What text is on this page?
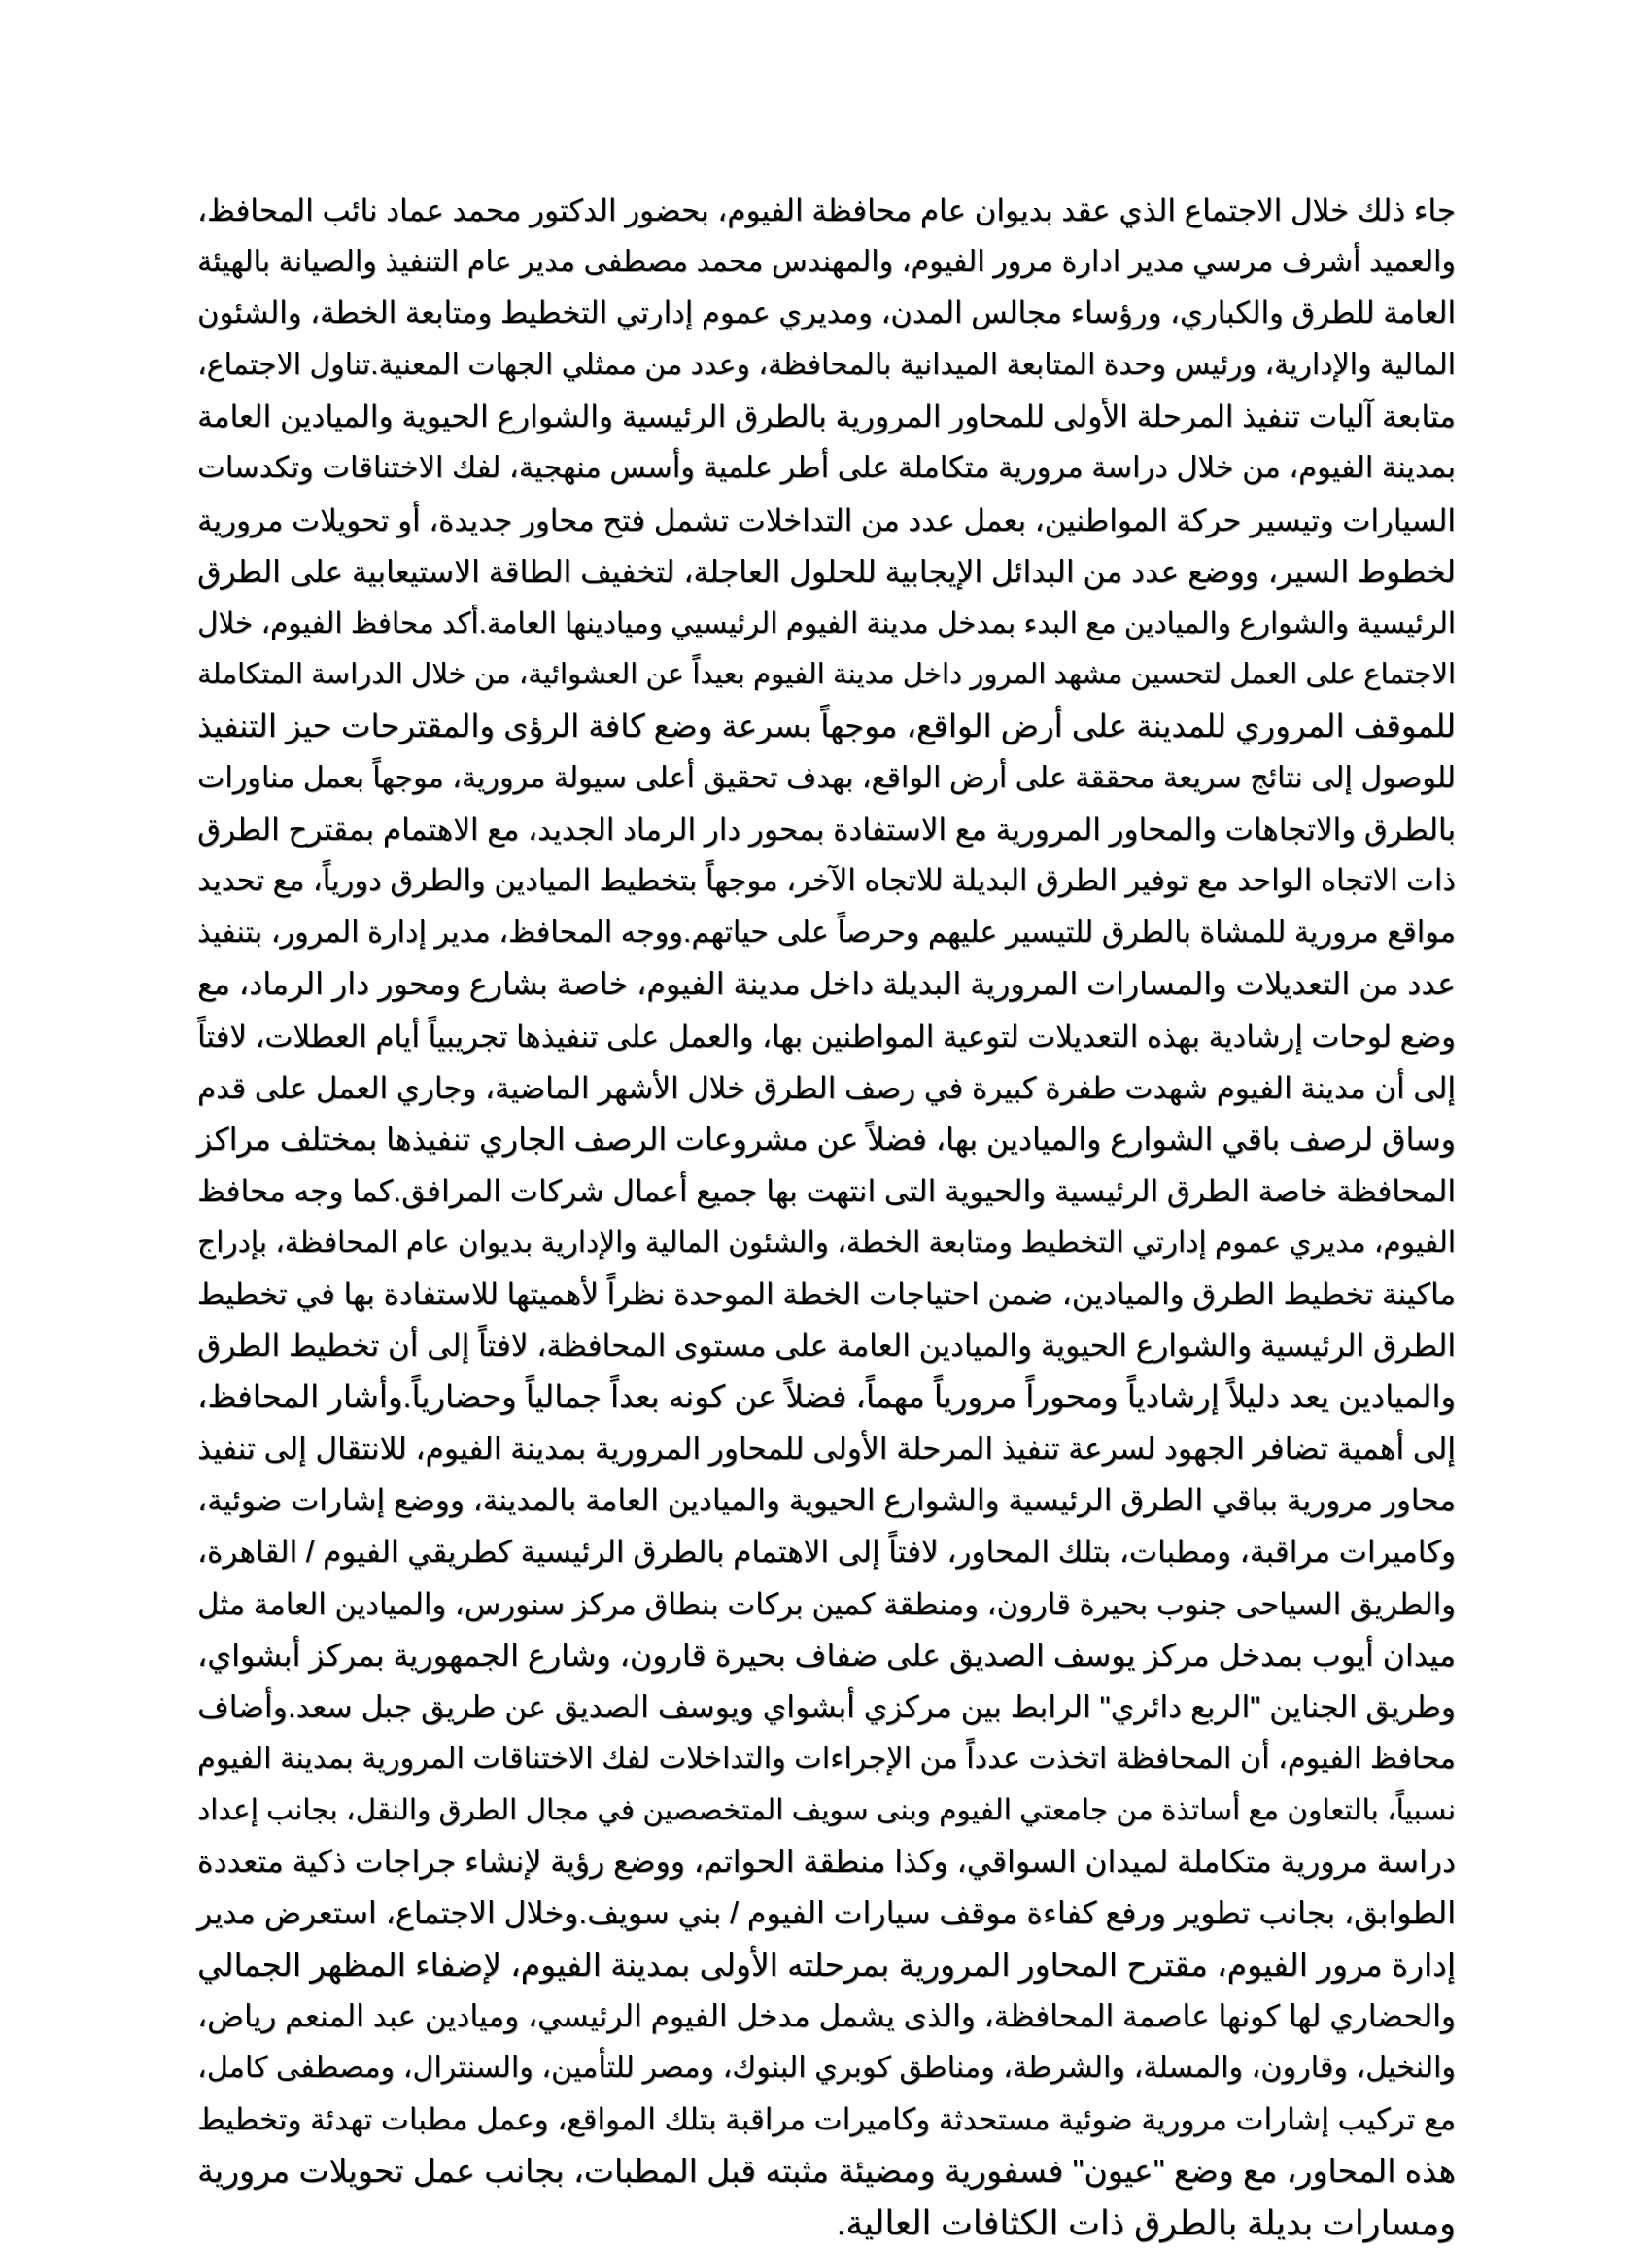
جاء ذلك خلال الاجتماع الذي عقد بديوان عام محافظة الفيوم، بحضور الدكتور محمد عماد نائب المحافظ،
والعميد أشرف مرسي مدير ادارة مرور الفيوم، والمهندس محمد مصطفى مدير عام التنفيذ والصيانة بالهيئة
العامة للطرق والكباري، ورؤساء مجالس المدن، ومديري عموم إدارتي التخطيط ومتابعة الخطة، والشئون
المالية والإدارية، ورئيس وحدة المتابعة الميدانية بالمحافظة، وعدد من ممثلي الجهات المعنية.تناول الاجتماع،
متابعة آليات تنفيذ المرحلة الأولى للمحاور المرورية بالطرق الرئيسية والشوارع الحيوية والميادين العامة
بمدينة الفيوم، من خلال دراسة مرورية متكاملة على أطر علمية وأسس منهجية، لفك الاختناقات وتكدسات
السيارات وتيسير حركة المواطنين، بعمل عدد من التداخلات تشمل فتح محاور جديدة، أو تحويلات مرورية
لخطوط السير، ووضع عدد من البدائل الإيجابية للحلول العاجلة، لتخفيف الطاقة الاستيعابية على الطرق
الرئيسية والشوارع والميادين مع البدء بمدخل مدينة الفيوم الرئيسيي وميادينها العامة.أكد محافظ الفيوم، خلال
الاجتماع على العمل لتحسين مشهد المرور داخل مدينة الفيوم بعيداً عن العشوائية، من خلال الدراسة المتكاملة
للموقف المروري للمدينة على أرض الواقع، موجهاً بسرعة وضع كافة الرؤى والمقترحات حيز التنفيذ
للوصول إلى نتائج سريعة محققة على أرض الواقع، بهدف تحقيق أعلى سيولة مرورية، موجهاً بعمل مناورات
بالطرق والاتجاهات والمحاور المرورية مع الاستفادة بمحور دار الرماد الجديد، مع الاهتمام بمقترح الطرق
ذات الاتجاه الواحد مع توفير الطرق البديلة للاتجاه الآخر، موجهاً بتخطيط الميادين والطرق دورياً، مع تحديد
مواقع مرورية للمشاة بالطرق للتيسير عليهم وحرصاً على حياتهم.ووجه المحافظ، مدير إدارة المرور، بتنفيذ
عدد من التعديلات والمسارات المرورية البديلة داخل مدينة الفيوم، خاصة بشارع ومحور دار الرماد، مع
وضع لوحات إرشادية بهذه التعديلات لتوعية المواطنين بها، والعمل على تنفيذها تجريبياً أيام العطلات، لافتاً
إلى أن مدينة الفيوم شهدت طفرة كبيرة في رصف الطرق خلال الأشهر الماضية، وجاري العمل على قدم
وساق لرصف باقي الشوارع والميادين بها، فضلاً عن مشروعات الرصف الجاري تنفيذها بمختلف مراكز
المحافظة خاصة الطرق الرئيسية والحيوية التى انتهت بها جميع أعمال شركات المرافق.كما وجه محافظ
الفيوم، مديري عموم إدارتي التخطيط ومتابعة الخطة، والشئون المالية والإدارية بديوان عام المحافظة، بإدراج
ماكينة تخطيط الطرق والميادين، ضمن احتياجات الخطة الموحدة نظراً لأهميتها للاستفادة بها في تخطيط
الطرق الرئيسية والشوارع الحيوية والميادين العامة على مستوى المحافظة، لافتاً إلى أن تخطيط الطرق
والميادين يعد دليلاً إرشادياً ومحوراً مرورياً مهماً، فضلاً عن كونه بعداً جمالياً وحضارياً.وأشار المحافظ،
إلى أهمية تضافر الجهود لسرعة تنفيذ المرحلة الأولى للمحاور المرورية بمدينة الفيوم، للانتقال إلى تنفيذ
محاور مرورية بباقي الطرق الرئيسية والشوارع الحيوية والميادين العامة بالمدينة، ووضع إشارات ضوئية،
وكاميرات مراقبة، ومطبات، بتلك المحاور، لافتاً إلى الاهتمام بالطرق الرئيسية كطريقي الفيوم / القاهرة،
والطريق السياحى جنوب بحيرة قارون، ومنطقة كمين بركات بنطاق مركز سنورس، والميادين العامة مثل
ميدان أيوب بمدخل مركز يوسف الصديق على ضفاف بحيرة قارون، وشارع الجمهورية بمركز أبشواي،
وطريق الجناين "الربع دائري" الرابط بين مركزي أبشواي ويوسف الصديق عن طريق جبل سعد.وأضاف
محافظ الفيوم، أن المحافظة اتخذت عدداً من الإجراءات والتداخلات لفك الاختناقات المرورية بمدينة الفيوم
نسبياً، بالتعاون مع أساتذة من جامعتي الفيوم وبنى سويف المتخصصين في مجال الطرق والنقل، بجانب إعداد
دراسة مرورية متكاملة لميدان السواقي، وكذا منطقة الحواتم، ووضع رؤية لإنشاء جراجات ذكية متعددة
الطوابق، بجانب تطوير ورفع كفاءة موقف سيارات الفيوم / بني سويف.وخلال الاجتماع، استعرض مدير
إدارة مرور الفيوم، مقترح المحاور المرورية بمرحلته الأولى بمدينة الفيوم، لإضفاء المظهر الجمالي
والحضاري لها كونها عاصمة المحافظة، والذى يشمل مدخل الفيوم الرئيسي، وميادين عبد المنعم رياض،
والنخيل، وقارون، والمسلة، والشرطة، ومناطق كوبري البنوك، ومصر للتأمين، والسنترال، ومصطفى كامل،
مع تركيب إشارات مرورية ضوئية مستحدثة وكاميرات مراقبة بتلك المواقع، وعمل مطبات تهدئة وتخطيط
هذه المحاور، مع وضع "عيون" فسفورية ومضيئة مثبته قبل المطبات، بجانب عمل تحويلات مرورية
ومسارات بديلة بالطرق ذات الكثافات العالية.
